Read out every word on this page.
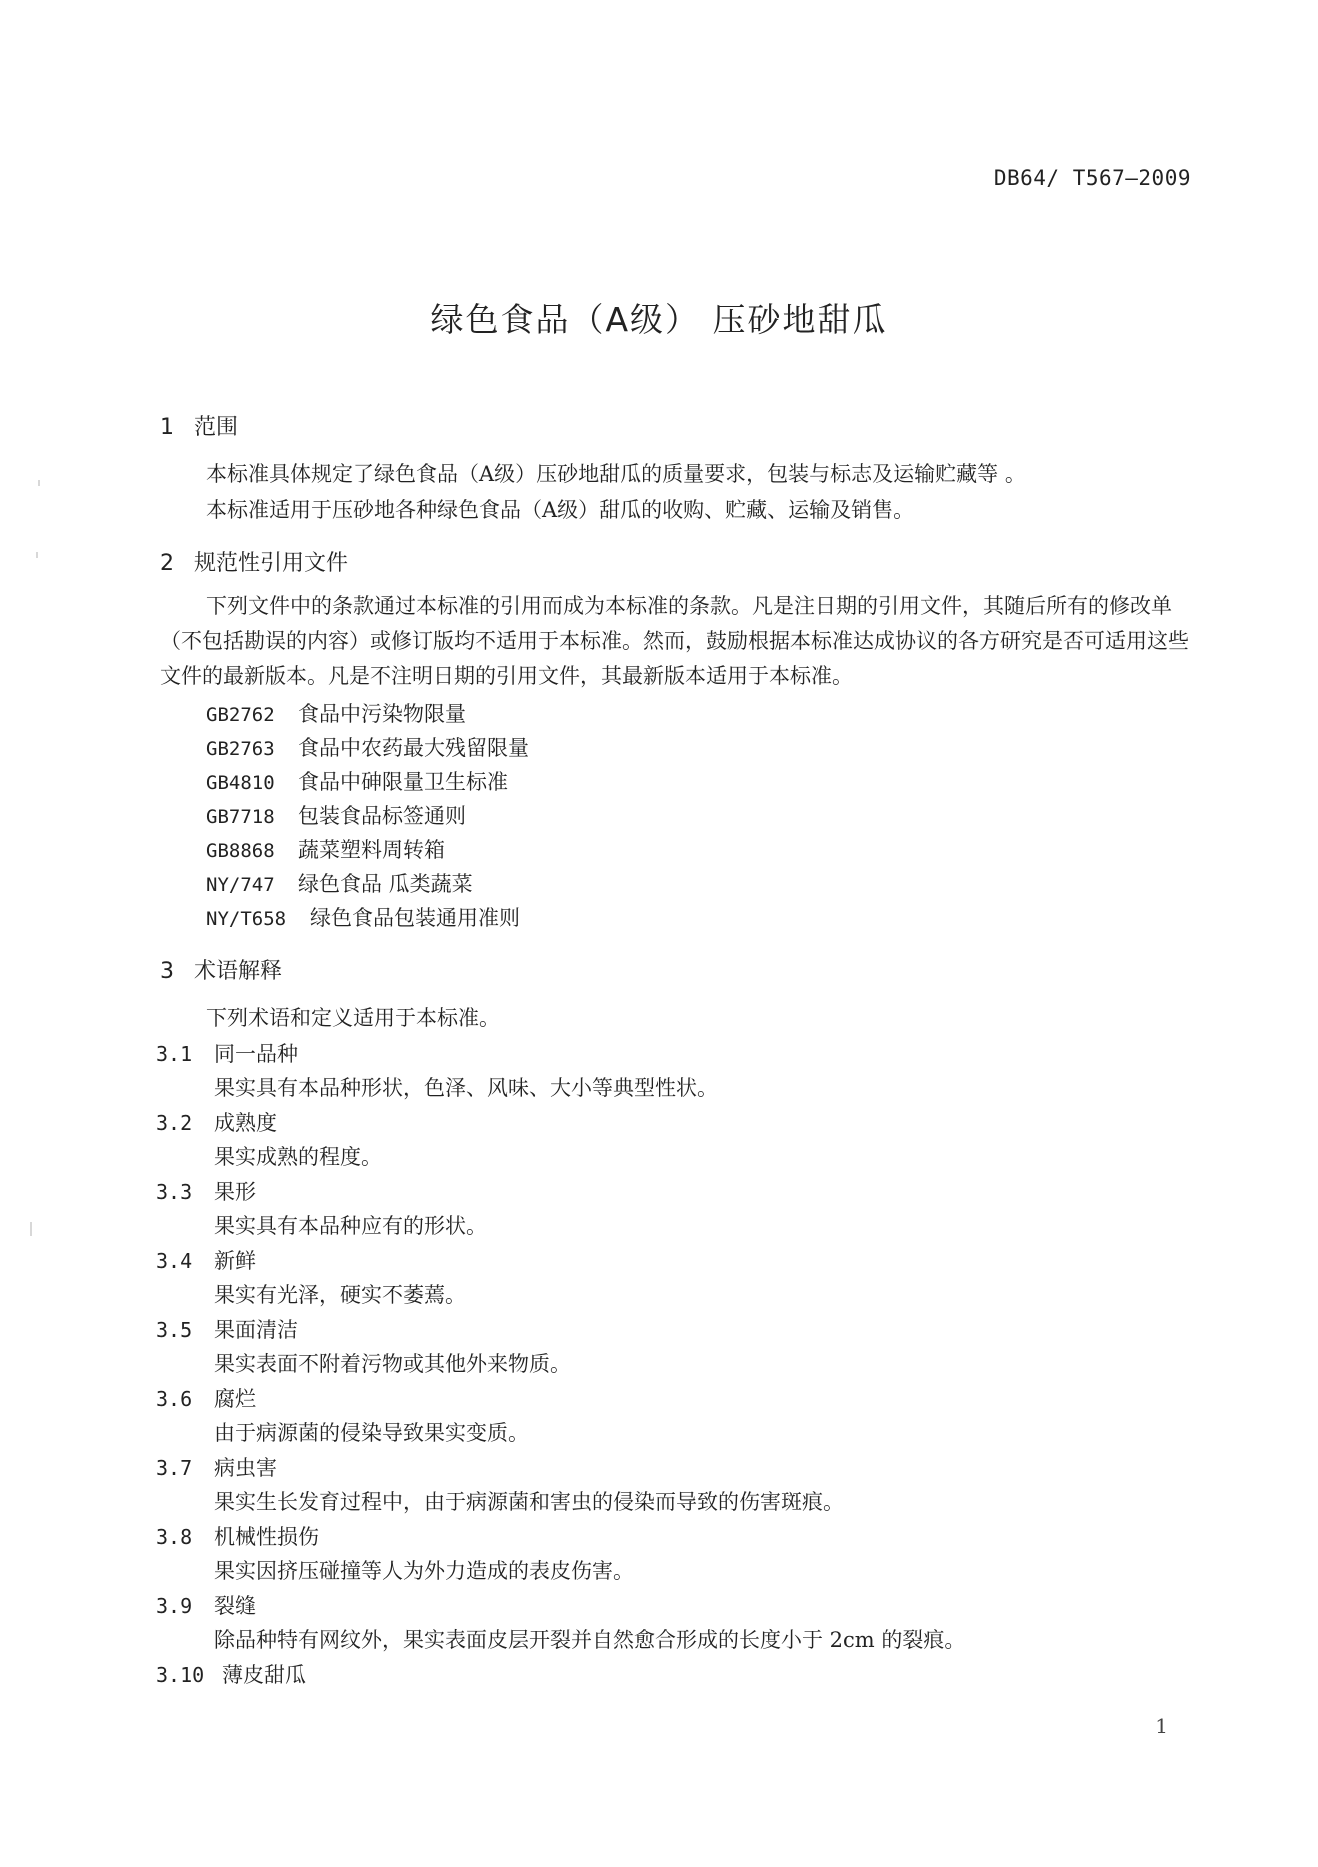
DB64/ T567—2009
绿色食品（A级） 压砂地甜瓜
1 范围
本标准具体规定了绿色食品（A级）压砂地甜瓜的质量要求，包装与标志及运输贮藏等 。
本标准适用于压砂地各种绿色食品（A级）甜瓜的收购、贮藏、运输及销售。
2 规范性引用文件
下列文件中的条款通过本标准的引用而成为本标准的条款。凡是注日期的引用文件，其随后所有的修改单（不包括勘误的内容）或修订版均不适用于本标准。然而，鼓励根据本标准达成协议的各方研究是否可适用这些文件的最新版本。凡是不注明日期的引用文件，其最新版本适用于本标准。
GB2762 食品中污染物限量
GB2763 食品中农药最大残留限量
GB4810 食品中砷限量卫生标准
GB7718 包装食品标签通则
GB8868 蔬菜塑料周转箱
NY/747 绿色食品 瓜类蔬菜
NY/T658 绿色食品包装通用准则
3 术语解释
下列术语和定义适用于本标准。
3.1 同一品种
果实具有本品种形状，色泽、风味、大小等典型性状。
3.2 成熟度
果实成熟的程度。
3.3 果形
果实具有本品种应有的形状。
3.4 新鲜
果实有光泽，硬实不萎蔫。
3.5 果面清洁
果实表面不附着污物或其他外来物质。
3.6 腐烂
由于病源菌的侵染导致果实变质。
3.7 病虫害
果实生长发育过程中，由于病源菌和害虫的侵染而导致的伤害斑痕。
3.8 机械性损伤
果实因挤压碰撞等人为外力造成的表皮伤害。
3.9 裂缝
除品种特有网纹外，果实表面皮层开裂并自然愈合形成的长度小于 2cm 的裂痕。
3.10 薄皮甜瓜
1
